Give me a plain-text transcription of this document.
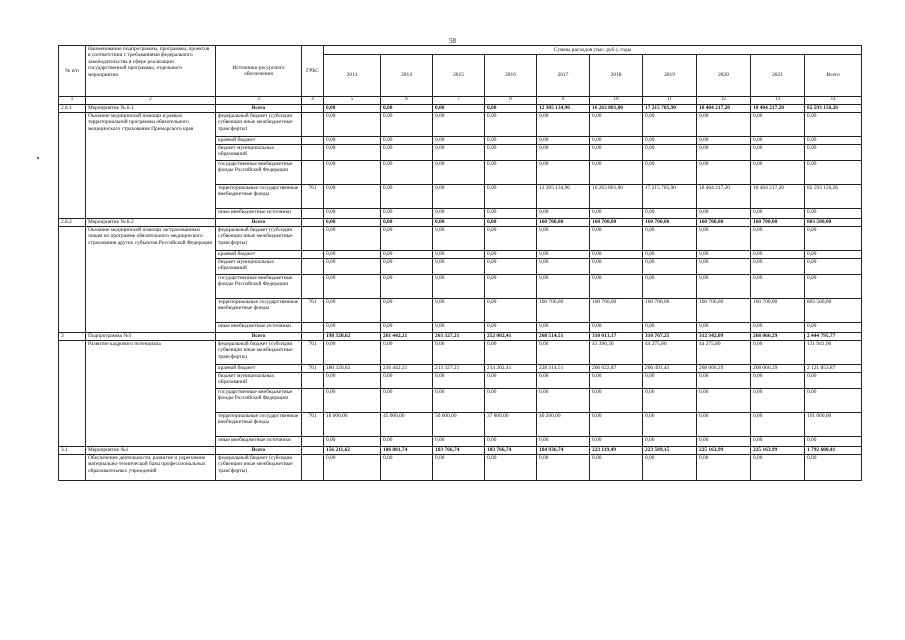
58
№ п/п	Наименование подпрограммы, программы, проектов в соответствии с требованиями федерального законодательства в сфере реализации государственной программы, отдельного мероприятия	Источники ресурсного обеспечения	ГРБС	Суммы расходов (тыс. руб.), годы									
				2013	2014	2015	2016	2017	2018	2019	2020	2021	Всего
1	2	3	4	5	6	7	8	9	10	11	12	13	14
2.8.1	Мероприятие № 8.1	Всего		0,00	0,00	0,00	0,00	12 305 134,96	16 263 801,00	17 215 785,90	18 404 217,20	18 404 217,20	82 593 156,26
	Оказание медицинской помощи в рамках территориальной программы обязательного медицинского страхования Приморского края	федеральный бюджет (субсидии субвенции иные межбюджетные трансферты)		0,00	0,00	0,00	0,00	0,00	0,00	0,00	0,00	0,00	0,00
		краевой бюджет		0,00	0,00	0,00	0,00	0,00	0,00	0,00	0,00	0,00	0,00
		бюджет муниципальных образований		0,00	0,00	0,00	0,00	0,00	0,00	0,00	0,00	0,00	0,00
		государственные внебюджетные фонды Российской Федерации		0,00	0,00	0,00	0,00	0,00	0,00	0,00	0,00	0,00	0,00
		территориальные государственные внебюджетные фонды	761	0,00	0,00	0,00	0,00	12 305 134,96	16 263 801,00	17 215 785,90	18 404 217,20	18 404 217,20	82 593 156,26
		иные внебюджетные источники		0,00	0,00	0,00	0,00	0,00	0,00	0,00	0,00	0,00	0,00
2.8.2	Мероприятие № 8.2	Всего		0,00	0,00	0,00	0,00	160 700,00	160 700,00	160 700,00	160 700,00	160 700,00	803 500,00
	Оказание медицинской помощи застрахованным лицам по программе обязательного медицинского страхования других субъектов Российской Федерации	федеральный бюджет (субсидии субвенции иные межбюджетные трансферты)		0,00	0,00	0,00	0,00	0,00	0,00	0,00	0,00	0,00	0,00
		краевой бюджет		0,00	0,00	0,00	0,00	0,00	0,00	0,00	0,00	0,00	0,00
		бюджет муниципальных образований		0,00	0,00	0,00	0,00	0,00	0,00	0,00	0,00	0,00	0,00
		государственные внебюджетные фонды Российской Федерации		0,00	0,00	0,00	0,00	0,00	0,00	0,00	0,00	0,00	0,00
		территориальные государственные внебюджетные фонды	761	0,00	0,00	0,00	0,00	160 700,00	160 700,00	160 700,00	160 700,00	160 700,00	803 500,00
		иные внебюджетные источники		0,00	0,00	0,00	0,00	0,00	0,00	0,00	0,00	0,00	0,00
3	Подпрограмма №3	Всего		198 320,62	261 442,21	263 327,21	252 002,41	268 514,51	310 013,17	310 767,25	312 342,09	268 066,29	2 444 795,77
	Развитие кадрового потенциала	федеральный бюджет (субсидии субвенции иные межбюджетные трансферты)	761	0,00	0,00	0,00	0,00	0,00	43 390,30	44 275,80	44 275,80	0,00	131 941,90
		краевой бюджет	761	180 320,62	216 442,21	213 327,21	214 202,41	228 314,51	266 622,87	266 491,45	268 066,29	268 066,29	2 121 853,87
		бюджет муниципальных образований		0,00	0,00	0,00	0,00	0,00	0,00	0,00	0,00	0,00	0,00
		государственные внебюджетные фонды Российской Федерации		0,00	0,00	0,00	0,00	0,00	0,00	0,00	0,00	0,00	0,00
		территориальные государственные внебюджетные фонды	761	18 000,00	45 000,00	50 000,00	37 800,00	40 200,00	0,00	0,00	0,00	0,00	191 000,00
		иные внебюджетные источники		0,00	0,00	0,00	0,00	0,00	0,00	0,00	0,00	0,00	0,00
3.1	Мероприятие №1	Всего		156 211,62	186 881,74	183 766,74	183 766,74	184 936,74	223 119,49	223 589,15	225 163,99	225 163,99	1 792 600,41
	Обеспечение деятельности, развитие и укрепление материально-технической базы профессиональных образовательных учреждений	федеральный бюджет (субсидии субвенции иные межбюджетные трансферты)		0,00	0,00	0,00	0,00	0,00	0,00	0,00	0,00	0,00	0,00
